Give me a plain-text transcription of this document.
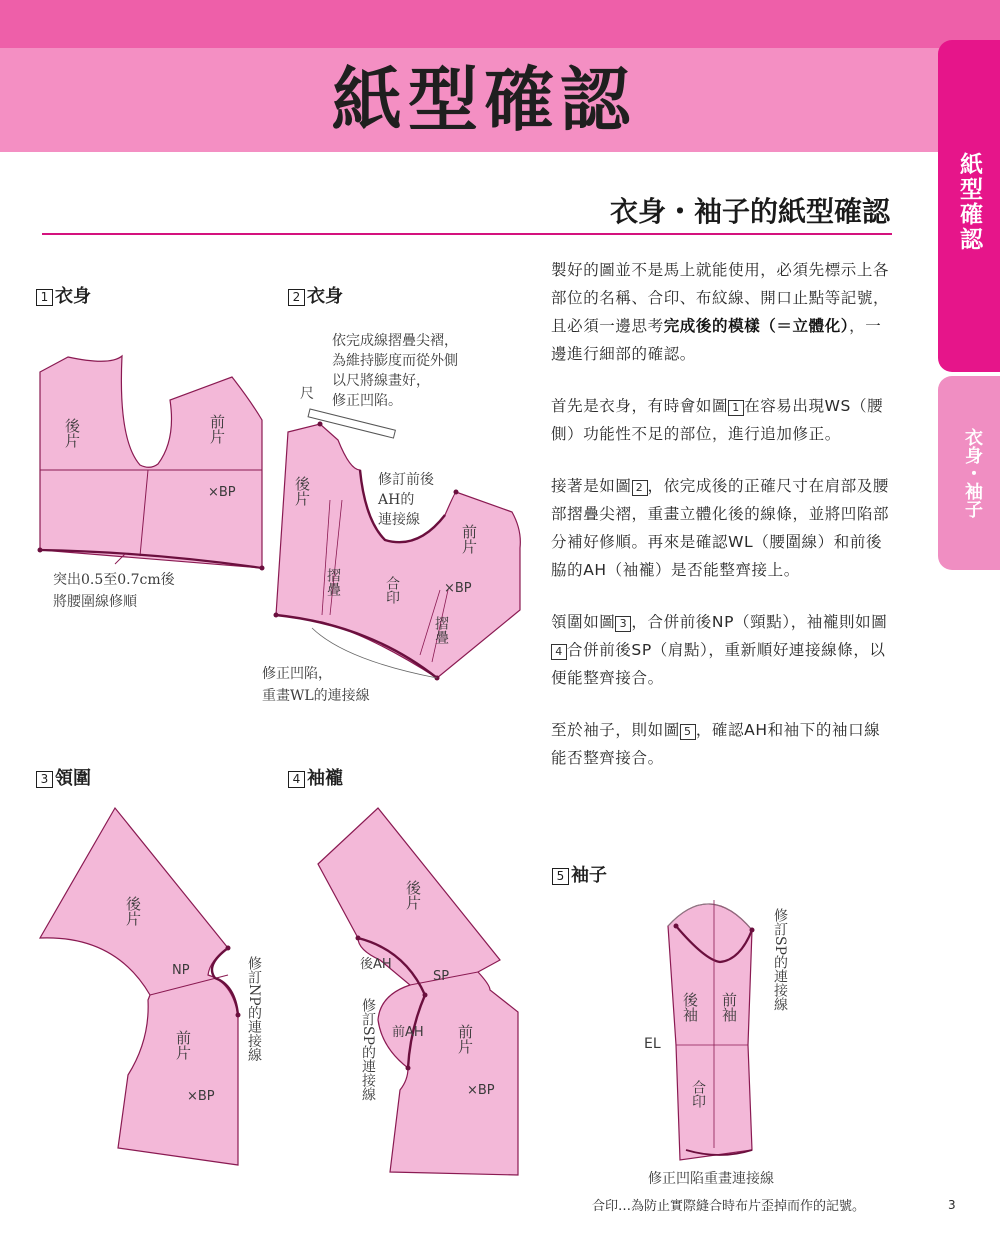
紙型確認
紙型確認
衣身・袖子
衣身・袖子的紙型確認
1 衣身	2 衣身
3 領圍	4 袖襱
5 袖子

製好的圖並不是馬上就能使用，必須先標示上各部位的名稱、合印、布紋線、開口止點等記號，且必須一邊思考完成後的模樣（＝立體化），一邊進行細部的確認。

首先是衣身，有時會如圖 1 在容易出現WS（腰側）功能性不足的部位，進行追加修正。

接著是如圖 2 ，依完成後的正確尺寸在肩部及腰部摺疊尖褶，重畫立體化後的線條，並將凹陷部分補好修順。再來是確認WL（腰圍線）和前後脇的AH（袖襱）是否能整齊接上。

領圍如圖 3 ，合併前後NP（頸點），袖襱則如圖4 合併前後SP（肩點），重新順好連接線條，以便能整齊接合。

至於袖子，則如圖 5 ，確認AH和袖下的袖口線能否整齊接合。

後片	前片
×BP
突出0.5至0.7cm後
將腰圍線修順
後片
前片
×BP
摺疊
摺疊
合印
尺
依完成線摺疊尖褶，
為維持膨度而從外側
以尺將線畫好，
修正凹陷。
修訂前後
AH的
連接線
修正凹陷，
重畫WL的連接線
後片
前片
×BP
NP	修訂NP的連接線
後片
前片
×BP
後AH
前AH
SP
修訂SP的連接線	後袖 前袖
EL
合印
修訂SP的連接線
修正凹陷重畫連接線
合印…為防止實際縫合時布片歪掉而作的記號。	3
